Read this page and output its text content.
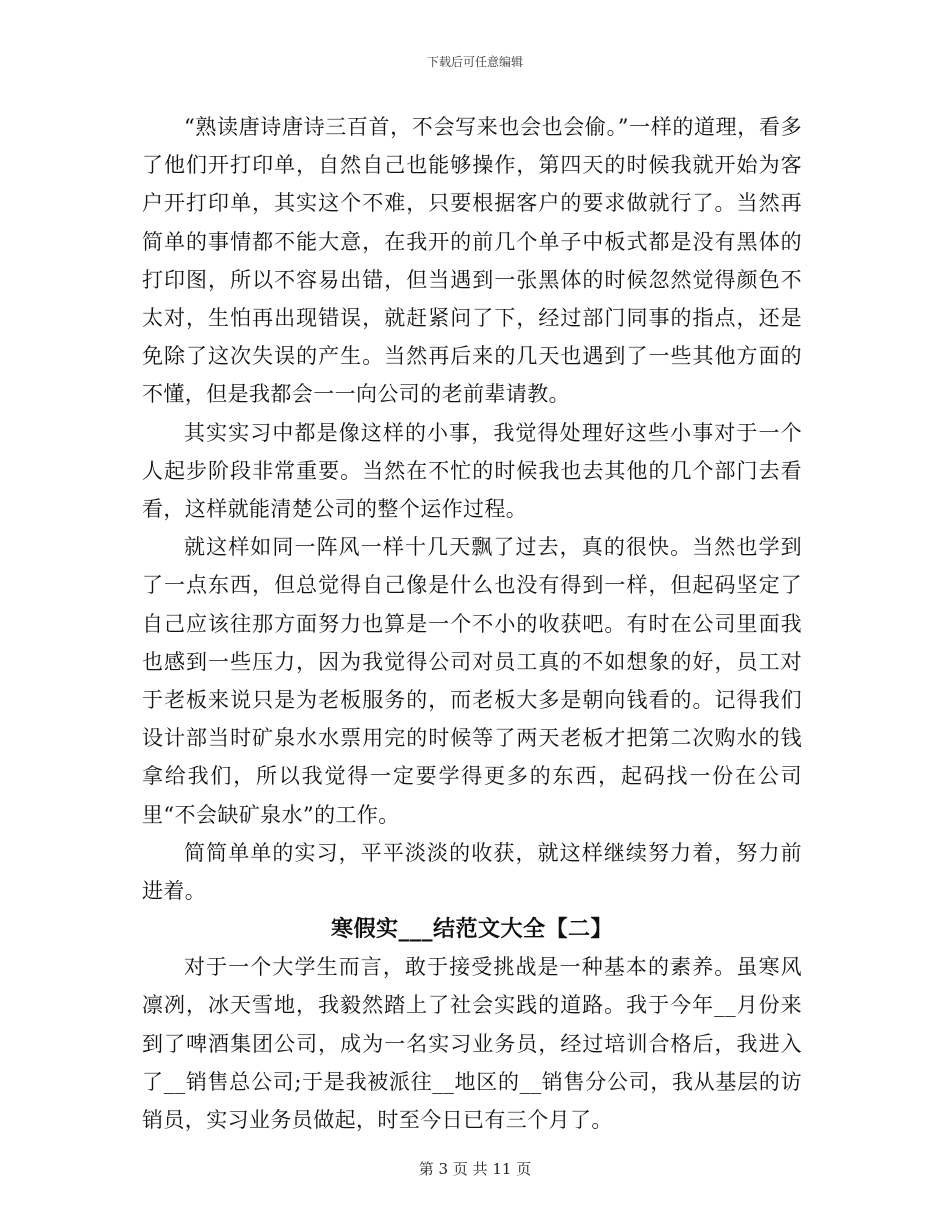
下载后可任意编辑

“熟读唐诗唐诗三百首，不会写来也会也会偷。”一样的道理，看多了他们开打印单，自然自己也能够操作，第四天的时候我就开始为客户开打印单，其实这个不难，只要根据客户的要求做就行了。当然再简单的事情都不能大意，在我开的前几个单子中板式都是没有黑体的打印图，所以不容易出错，但当遇到一张黑体的时候忽然觉得颜色不太对，生怕再出现错误，就赶紧问了下，经过部门同事的指点，还是免除了这次失误的产生。当然再后来的几天也遇到了一些其他方面的不懂，但是我都会一一向公司的老前辈请教。

其实实习中都是像这样的小事，我觉得处理好这些小事对于一个人起步阶段非常重要。当然在不忙的时候我也去其他的几个部门去看看，这样就能清楚公司的整个运作过程。

就这样如同一阵风一样十几天飘了过去，真的很快。当然也学到了一点东西，但总觉得自己像是什么也没有得到一样，但起码坚定了自己应该往那方面努力也算是一个不小的收获吧。有时在公司里面我也感到一些压力，因为我觉得公司对员工真的不如想象的好，员工对于老板来说只是为老板服务的，而老板大多是朝向钱看的。记得我们设计部当时矿泉水水票用完的时候等了两天老板才把第二次购水的钱拿给我们，所以我觉得一定要学得更多的东西，起码找一份在公司里“不会缺矿泉水”的工作。

简简单单的实习，平平淡淡的收获，就这样继续努力着，努力前进着。

寒假实___结范文大全【二】

对于一个大学生而言，敢于接受挑战是一种基本的素养。虽寒风凛冽，冰天雪地，我毅然踏上了社会实践的道路。我于今年__月份来到了啤酒集团公司，成为一名实习业务员，经过培训合格后，我进入了__销售总公司;于是我被派往__地区的__销售分公司，我从基层的访销员，实习业务员做起，时至今日已有三个月了。

第 3 页 共 11 页
